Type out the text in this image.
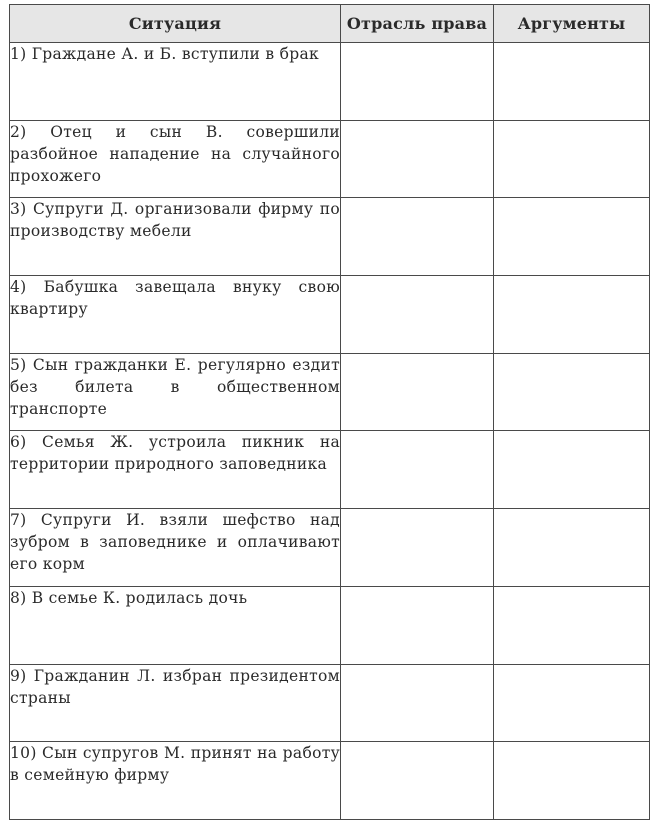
Ситуация	Отрасль права	Аргументы
1) Граждане А. и Б. вступили в брак		
2) Отец и сын В. совершили разбойное нападение на случайного прохожего		
3) Супруги Д. организовали фирму по производству мебели		
4) Бабушка завещала внуку свою квартиру		
5) Сын гражданки Е. регулярно ездит без билета в общественном транспорте		
6) Семья Ж. устроила пикник на территории природного заповедника		
7) Супруги И. взяли шефство над зубром в заповеднике и оплачивают его корм		
8) В семье К. родилась дочь		
9) Гражданин Л. избран президентом страны		
10) Сын супругов М. принят на работу в семейную фирму		
